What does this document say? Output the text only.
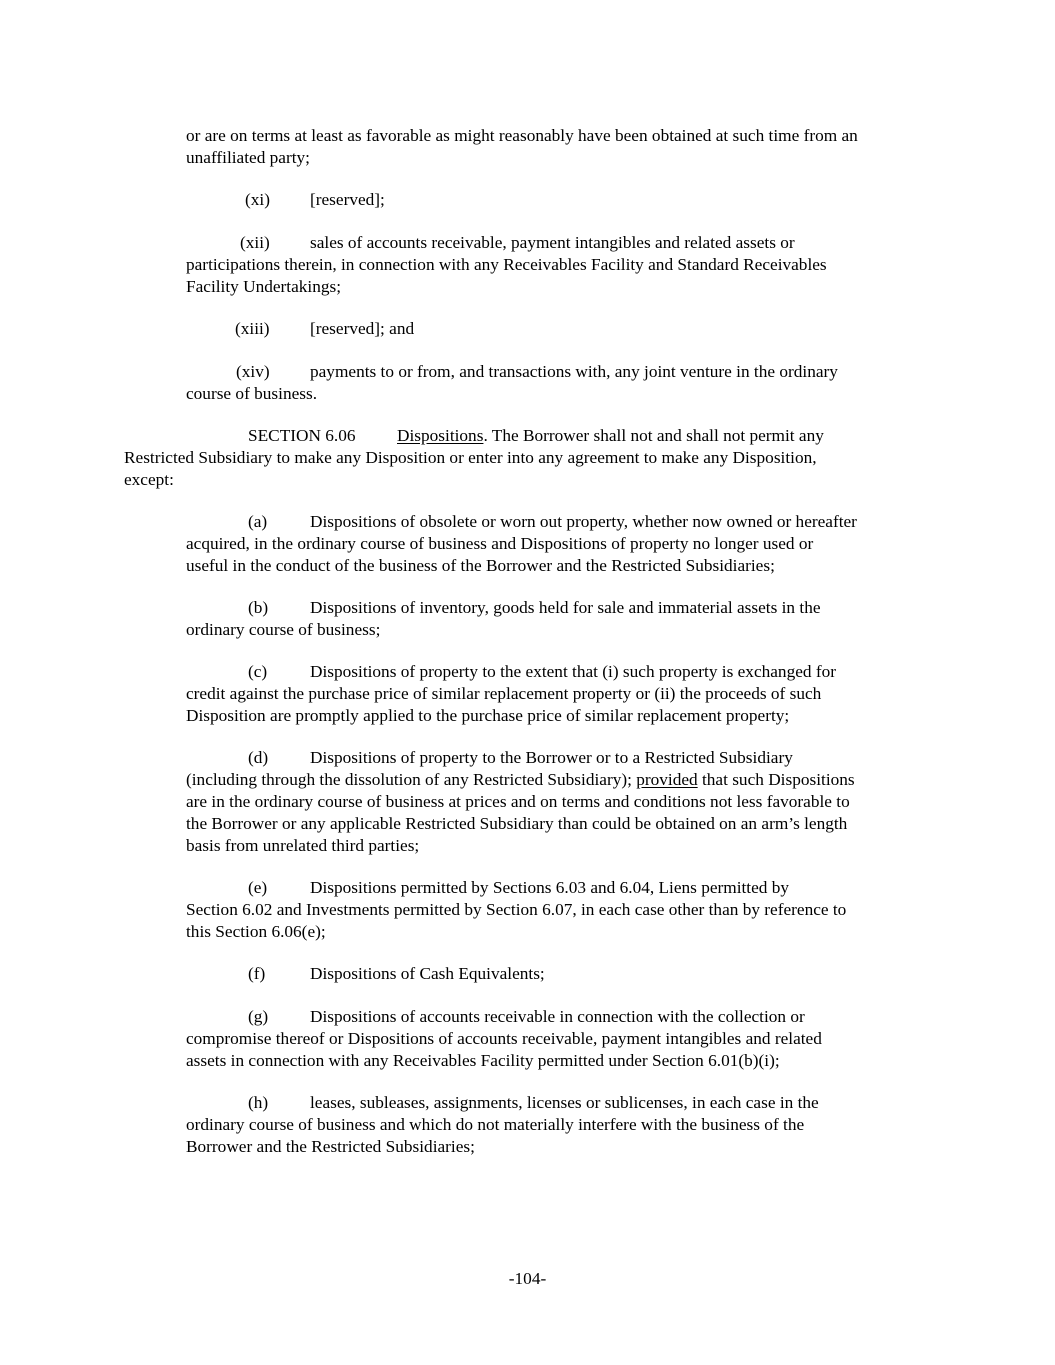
or are on terms at least as favorable as might reasonably have been obtained at such time from an
unaffiliated party;
(xi) [reserved];
(xii) sales of accounts receivable, payment intangibles and related assets or
participations therein, in connection with any Receivables Facility and Standard Receivables
Facility Undertakings;
(xiii) [reserved]; and
(xiv) payments to or from, and transactions with, any joint venture in the ordinary
course of business.
SECTION 6.06 Dispositions. The Borrower shall not and shall not permit any
Restricted Subsidiary to make any Disposition or enter into any agreement to make any Disposition,
except:
(a) Dispositions of obsolete or worn out property, whether now owned or hereafter
acquired, in the ordinary course of business and Dispositions of property no longer used or
useful in the conduct of the business of the Borrower and the Restricted Subsidiaries;
(b) Dispositions of inventory, goods held for sale and immaterial assets in the
ordinary course of business;
(c) Dispositions of property to the extent that (i) such property is exchanged for
credit against the purchase price of similar replacement property or (ii) the proceeds of such
Disposition are promptly applied to the purchase price of similar replacement property;
(d) Dispositions of property to the Borrower or to a Restricted Subsidiary
(including through the dissolution of any Restricted Subsidiary); provided that such Dispositions
are in the ordinary course of business at prices and on terms and conditions not less favorable to
the Borrower or any applicable Restricted Subsidiary than could be obtained on an arm’s length
basis from unrelated third parties;
(e) Dispositions permitted by Sections 6.03 and 6.04, Liens permitted by
Section 6.02 and Investments permitted by Section 6.07, in each case other than by reference to
this Section 6.06(e);
(f)	Dispositions of Cash Equivalents;
(g) Dispositions of accounts receivable in connection with the collection or
compromise thereof or Dispositions of accounts receivable, payment intangibles and related
assets in connection with any Receivables Facility permitted under Section 6.01(b)(i);
(h) leases, subleases, assignments, licenses or sublicenses, in each case in the
ordinary course of business and which do not materially interfere with the business of the
Borrower and the Restricted Subsidiaries;
-104-
